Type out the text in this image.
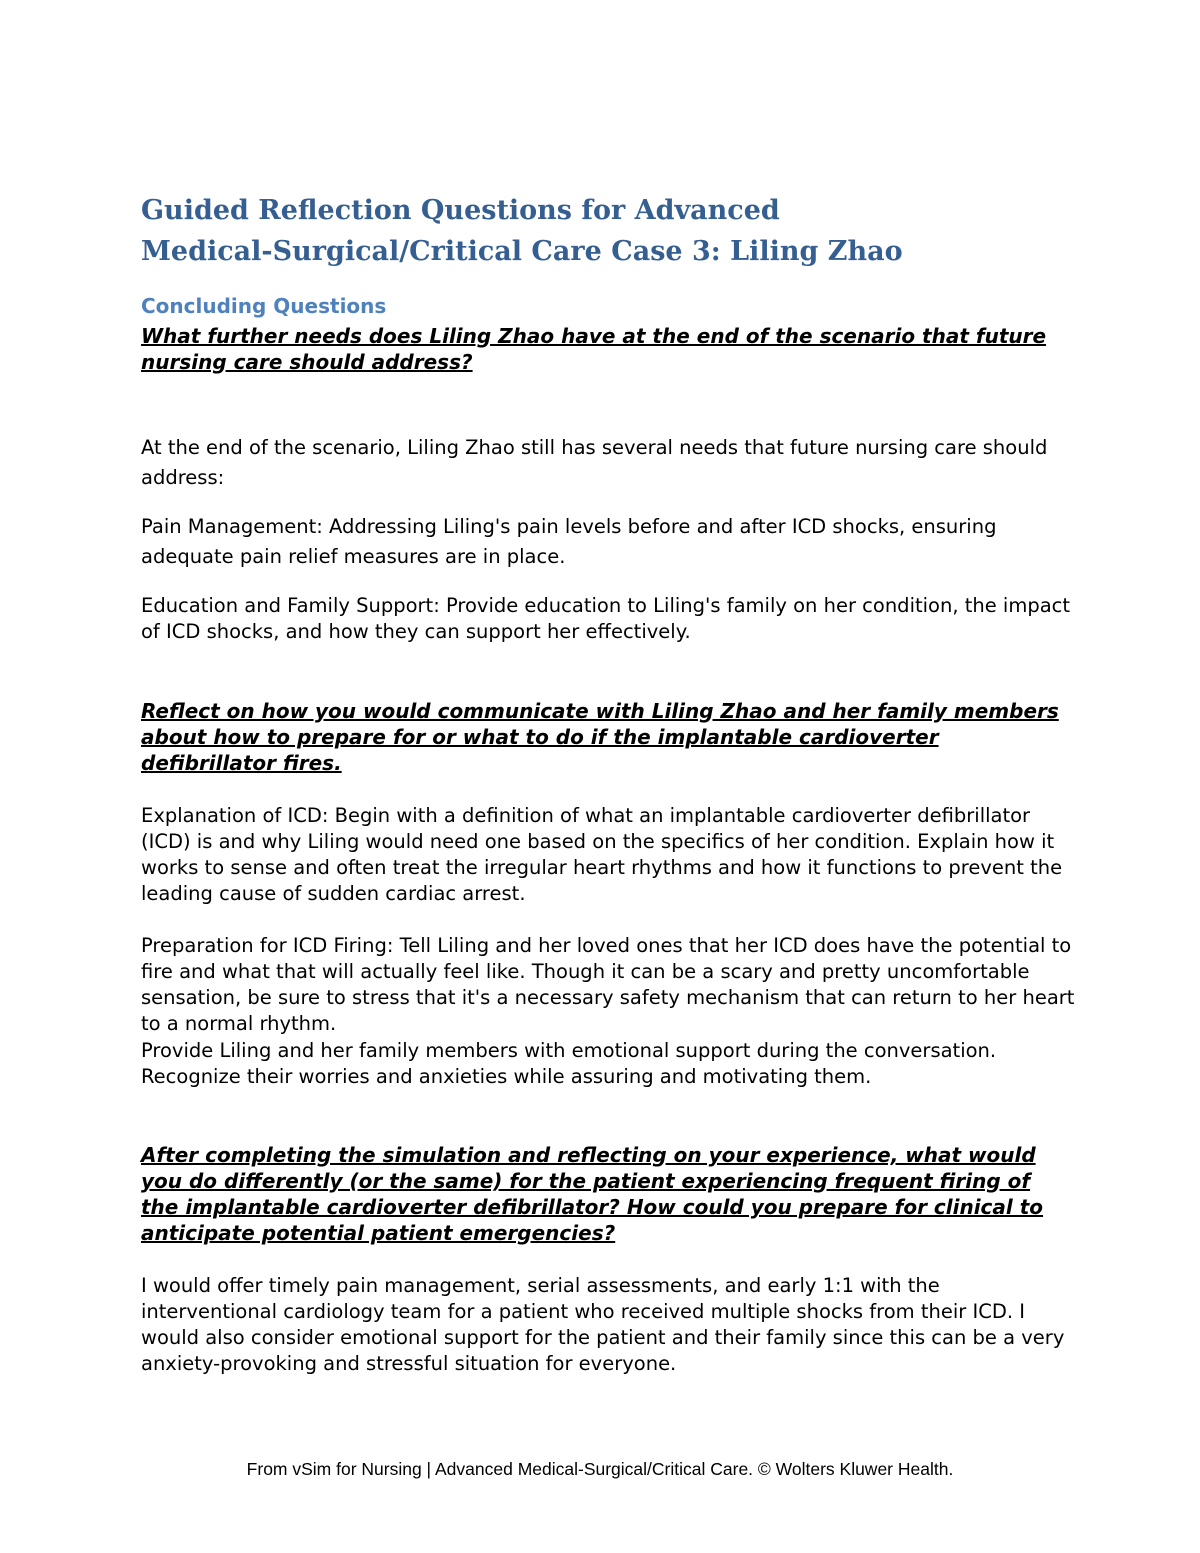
Guided Reflection Questions for Advanced
Medical-Surgical/Critical Care Case 3: Liling Zhao
Concluding Questions

What further needs does Liling Zhao have at the end of the scenario that future nursing care should address?

At the end of the scenario, Liling Zhao still has several needs that future nursing care should address:

Pain Management: Addressing Liling's pain levels before and after ICD shocks, ensuring adequate pain relief measures are in place.

Education and Family Support: Provide education to Liling's family on her condition, the impact of ICD shocks, and how they can support her effectively.

Reflect on how you would communicate with Liling Zhao and her family members about how to prepare for or what to do if the implantable cardioverter defibrillator fires.

Explanation of ICD: Begin with a definition of what an implantable cardioverter defibrillator (ICD) is and why Liling would need one based on the specifics of her condition. Explain how it works to sense and often treat the irregular heart rhythms and how it functions to prevent the leading cause of sudden cardiac arrest.

Preparation for ICD Firing: Tell Liling and her loved ones that her ICD does have the potential to fire and what that will actually feel like. Though it can be a scary and pretty uncomfortable sensation, be sure to stress that it's a necessary safety mechanism that can return to her heart to a normal rhythm.

Provide Liling and her family members with emotional support during the conversation. Recognize their worries and anxieties while assuring and motivating them.

After completing the simulation and reflecting on your experience, what would you do differently (or the same) for the patient experiencing frequent firing of the implantable cardioverter defibrillator? How could you prepare for clinical to anticipate potential patient emergencies?

I would offer timely pain management, serial assessments, and early 1:1 with the interventional cardiology team for a patient who received multiple shocks from their ICD. I would also consider emotional support for the patient and their family since this can be a very anxiety-provoking and stressful situation for everyone.

From vSim for Nursing | Advanced Medical-Surgical/Critical Care. © Wolters Kluwer Health.
